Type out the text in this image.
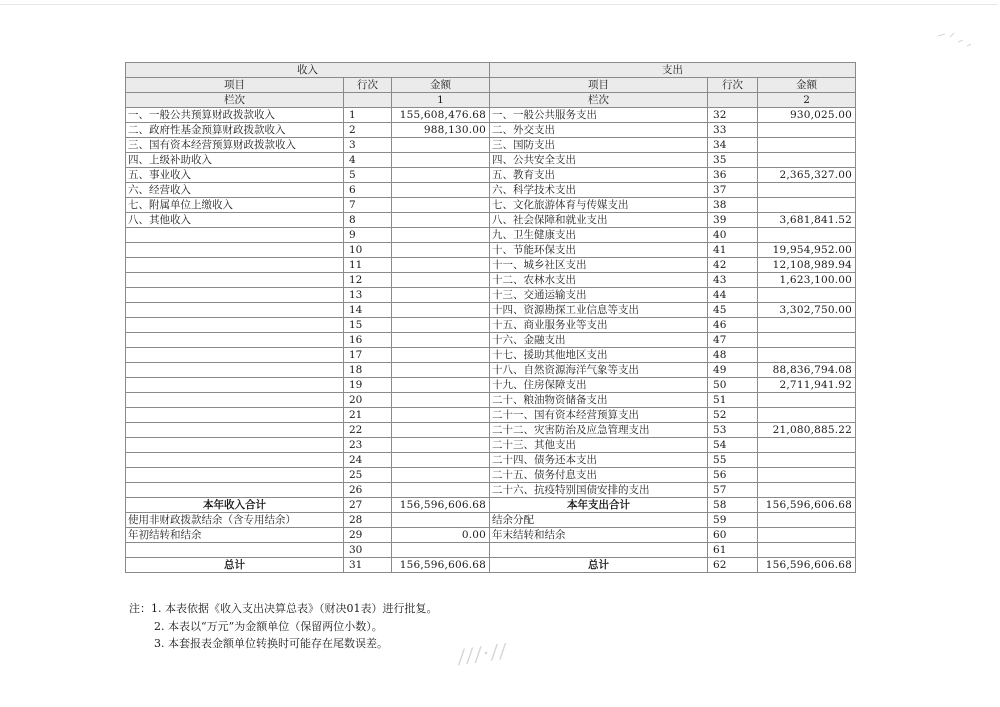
收入			支出		
项目	行次	金额	项目	行次	金额
栏次		1	栏次		2
一、一般公共预算财政拨款收入	1	155,608,476.68	一、一般公共服务支出	32	930,025.00
二、政府性基金预算财政拨款收入	2	988,130.00	二、外交支出	33	
三、国有资本经营预算财政拨款收入	3		三、国防支出	34	
四、上级补助收入	4		四、公共安全支出	35	
五、事业收入	5		五、教育支出	36	2,365,327.00
六、经营收入	6		六、科学技术支出	37	
七、附属单位上缴收入	7		七、文化旅游体育与传媒支出	38	
八、其他收入	8		八、社会保障和就业支出	39	3,681,841.52
	9		九、卫生健康支出	40	
	10		十、节能环保支出	41	19,954,952.00
	11		十一、城乡社区支出	42	12,108,989.94
	12		十二、农林水支出	43	1,623,100.00
	13		十三、交通运输支出	44	
	14		十四、资源勘探工业信息等支出	45	3,302,750.00
	15		十五、商业服务业等支出	46	
	16		十六、金融支出	47	
	17		十七、援助其他地区支出	48	
	18		十八、自然资源海洋气象等支出	49	88,836,794.08
	19		十九、住房保障支出	50	2,711,941.92
	20		二十、粮油物资储备支出	51	
	21		二十一、国有资本经营预算支出	52	
	22		二十二、灾害防治及应急管理支出	53	21,080,885.22
	23		二十三、其他支出	54	
	24		二十四、债务还本支出	55	
	25		二十五、债务付息支出	56	
	26		二十六、抗疫特别国债安排的支出	57	
本年收入合计	27	156,596,606.68	本年支出合计	58	156,596,606.68
使用非财政拨款结余（含专用结余）	28		结余分配	59	
年初结转和结余	29	0.00	年末结转和结余	60	
	30			61	
总计	31	156,596,606.68	总计	62	156,596,606.68
注：1. 本表依据《收入支出决算总表》（财决01表）进行批复。
2. 本表以“万元”为金额单位（保留两位小数）。
3. 本套报表金额单位转换时可能存在尾数误差。	///·//
